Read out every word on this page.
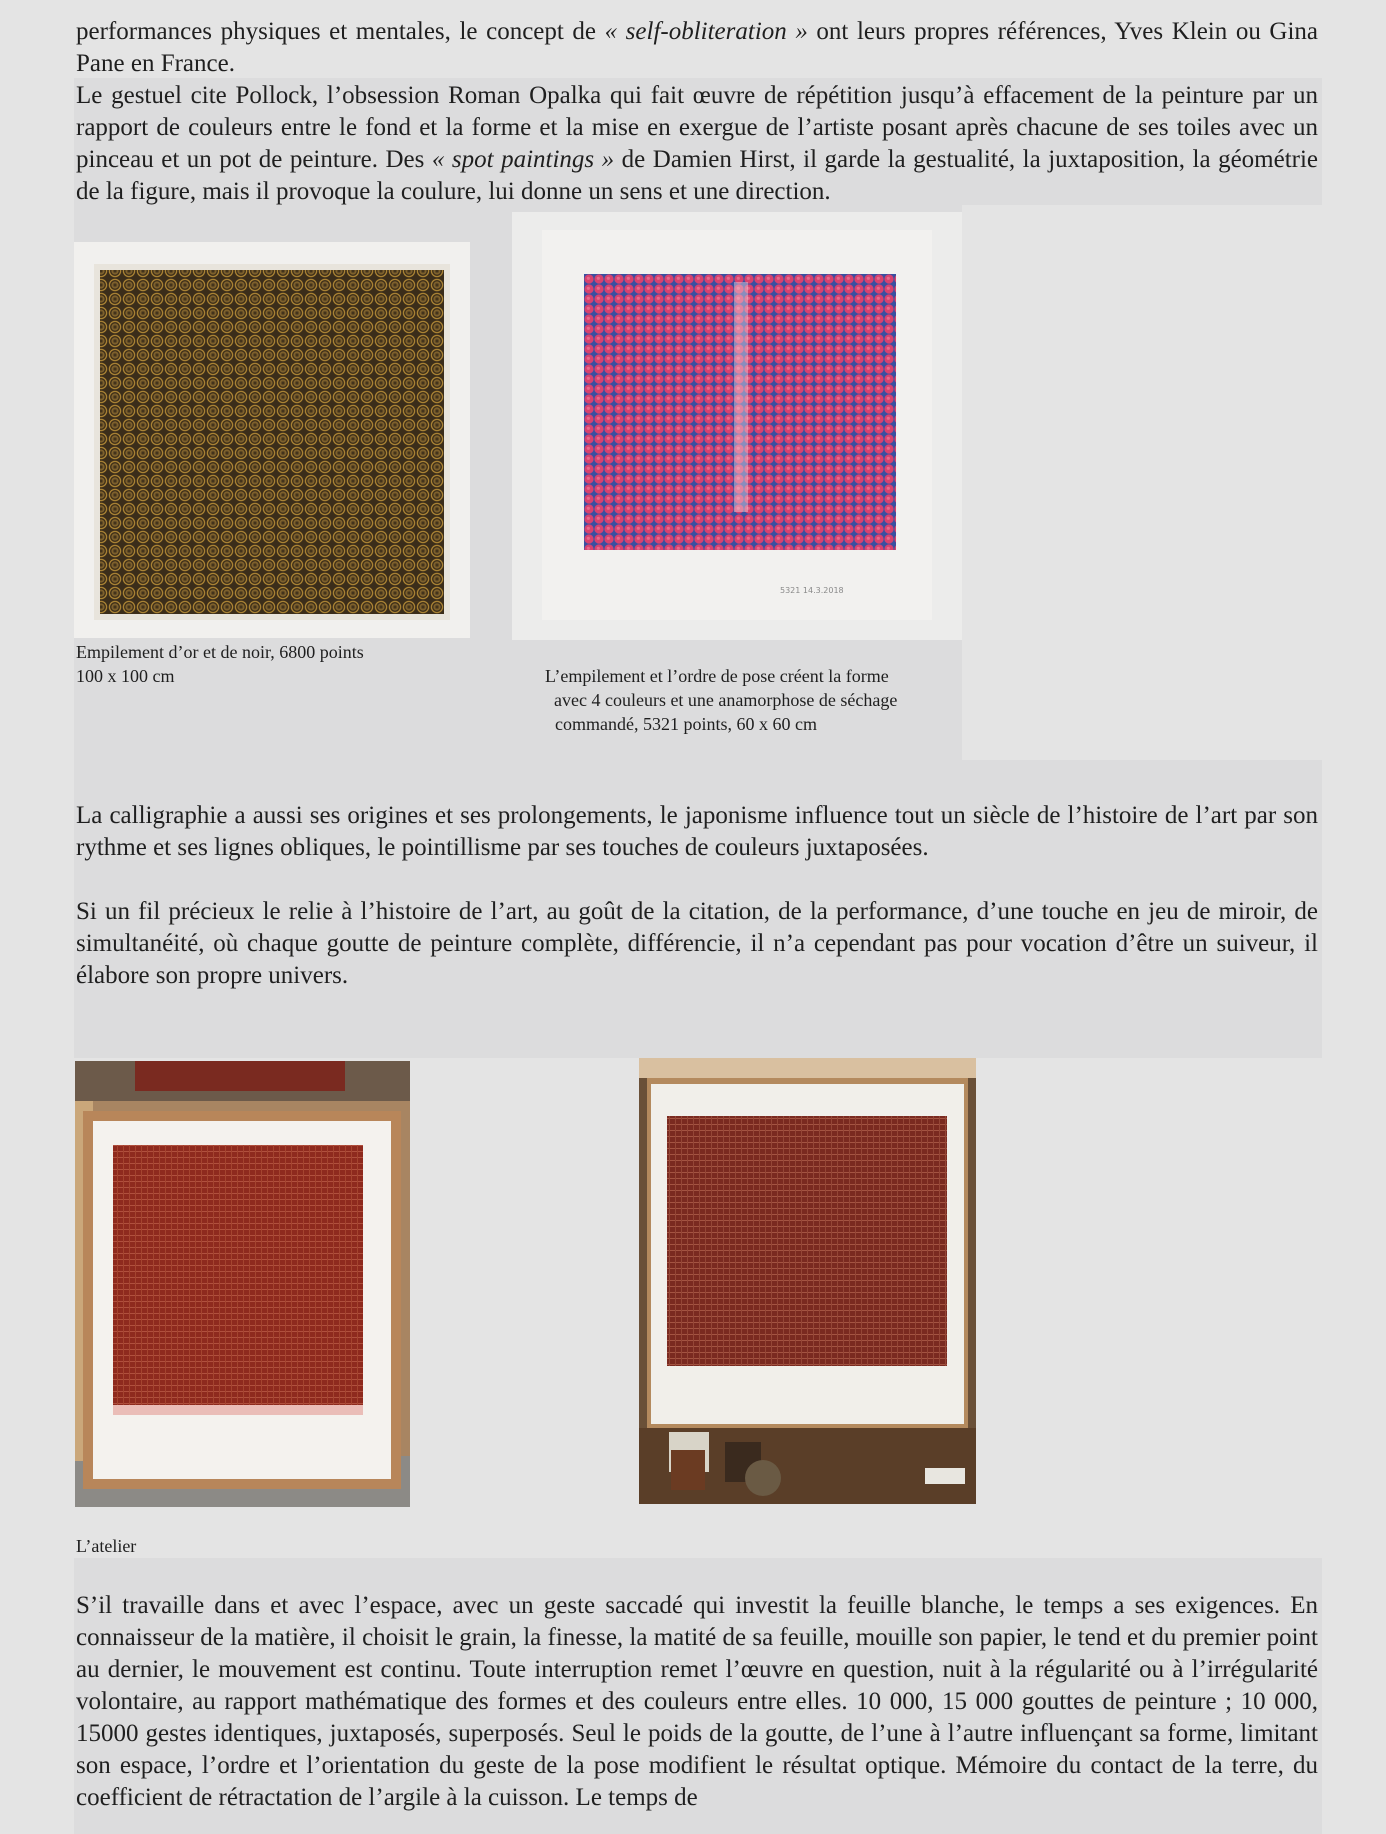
performances physiques et mentales, le concept de « self-obliteration » ont leurs propres références, Yves Klein ou Gina Pane en France.

Le gestuel cite Pollock, l’obsession Roman Opalka qui fait œuvre de répétition jusqu’à effacement de la peinture par un rapport de couleurs entre le fond et la forme et la mise en exergue de l’artiste posant après chacune de ses toiles avec un pinceau et un pot de peinture. Des « spot paintings » de Damien Hirst, il garde la gestualité, la juxtaposition, la géométrie de la figure, mais il provoque la coulure, lui donne un sens et une direction.

Empilement d’or et de noir, 6800 points
100 x 100 cm
5321 14.3.2018
L’empilement et l’ordre de pose créent la forme
avec 4 couleurs et une anamorphose de séchage
commandé, 5321 points, 60 x 60 cm

La calligraphie a aussi ses origines et ses prolongements, le japonisme influence tout un siècle de l’histoire de l’art par son rythme et ses lignes obliques, le pointillisme par ses touches de couleurs juxtaposées.

Si un fil précieux le relie à l’histoire de l’art, au goût de la citation, de la performance, d’une touche en jeu de miroir, de simultanéité, où chaque goutte de peinture complète, différencie, il n’a cependant pas pour vocation d’être un suiveur, il élabore son propre univers.

L’atelier

S’il travaille dans et avec l’espace, avec un geste saccadé qui investit la feuille blanche, le temps a ses exigences. En connaisseur de la matière, il choisit le grain, la finesse, la matité de sa feuille, mouille son papier, le tend et du premier point au dernier, le mouvement est continu. Toute interruption remet l’œuvre en question, nuit à la régularité ou à l’irrégularité volontaire, au rapport mathématique des formes et des couleurs entre elles. 10 000, 15 000 gouttes de peinture ; 10 000, 15000 gestes identiques, juxtaposés, superposés. Seul le poids de la goutte, de l’une à l’autre influençant sa forme, limitant son espace, l’ordre et l’orientation du geste de la pose modifient le résultat optique. Mémoire du contact de la terre, du coefficient de rétractation de l’argile à la cuisson. Le temps de
